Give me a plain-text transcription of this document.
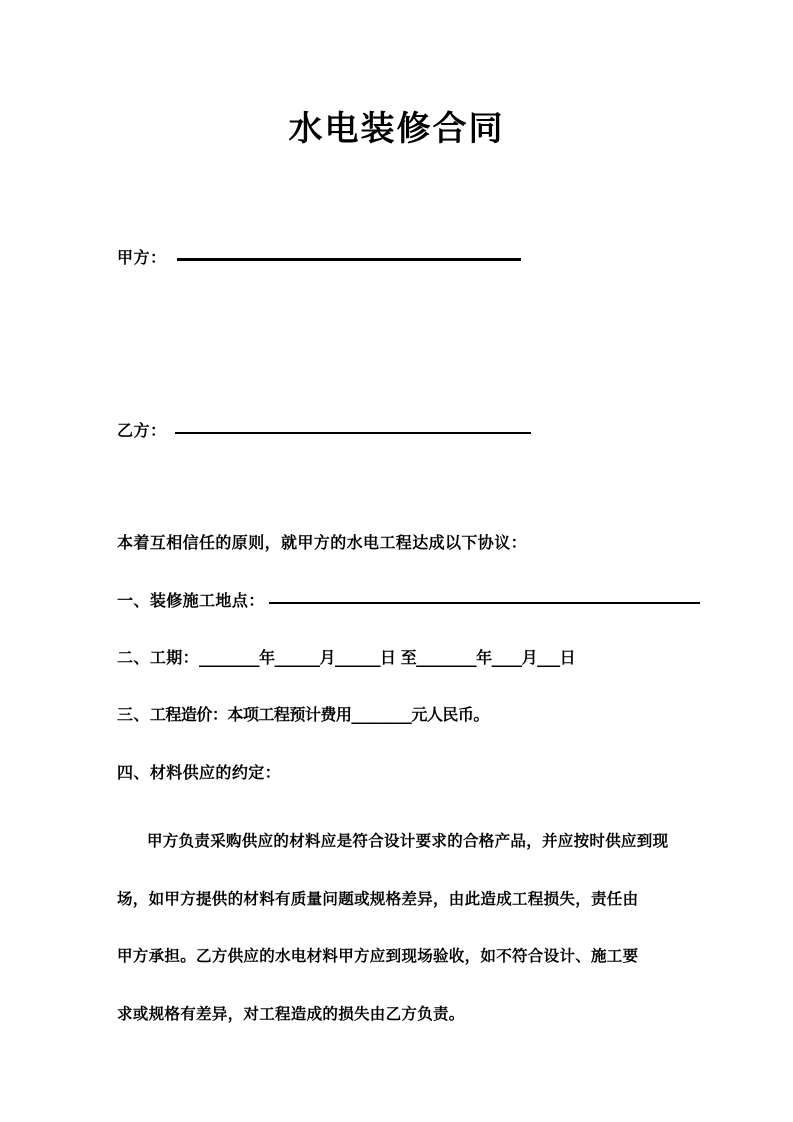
水电装修合同
甲方：
乙方：
本着互相信任的原则，就甲方的水电工程达成以下协议：
一、 装修施工地点：
二、 工期： ________年______月______日 至________年____月___日
三、 工程造价：本项工程预计费用________元人民币。
四、 材料供应的约定：
甲方负责采购供应的材料应是符合设计要求的合格产品，并应按时供应到现
场，如甲方提供的材料有质量问题或规格差异，由此造成工程损失，责任由
甲方承担。乙方供应的水电材料甲方应到现场验收，如不符合设计、施工要
求或规格有差异，对工程造成的损失由乙方负责。
